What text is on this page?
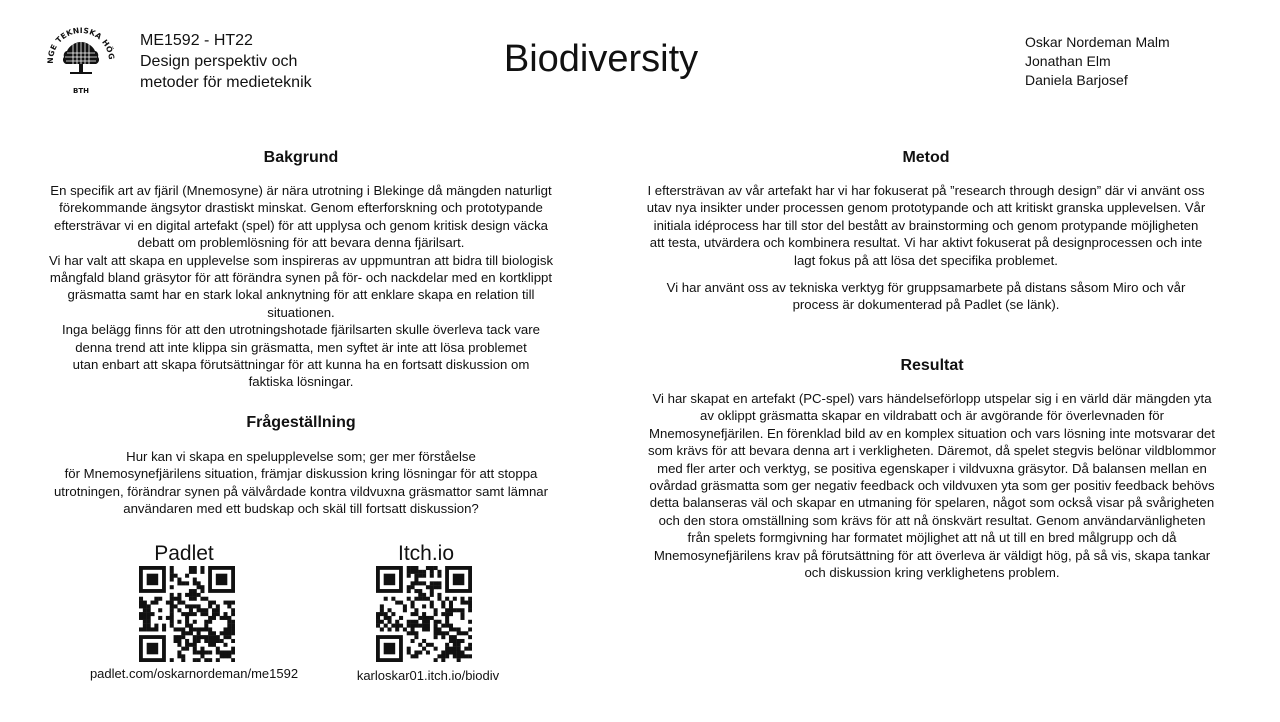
NGE TEKNISKA HÖG
BTH
ME1592 - HT22
Design perspektiv och
metoder för medieteknik
Biodiversity	Oskar Nordeman Malm
Jonathan Elm
Daniela Barjosef
Bakgrund

En specifik art av fjäril (Mnemosyne) är nära utrotning i Blekinge då mängden naturligt

förekommande ängsytor drastiskt minskat. Genom efterforskning och prototypande

eftersträvar vi en digital artefakt (spel) för att upplysa och genom kritisk design väcka

debatt om problemlösning för att bevara denna fjärilsart.

Vi har valt att skapa en upplevelse som inspireras av uppmuntran att bidra till biologisk

mångfald bland gräsytor för att förändra synen på för- och nackdelar med en kortklippt

gräsmatta samt har en stark lokal anknytning för att enklare skapa en relation till

situationen.

Inga belägg finns för att den utrotningshotade fjärilsarten skulle överleva tack vare

denna trend att inte klippa sin gräsmatta, men syftet är inte att lösa problemet

utan enbart att skapa förutsättningar för att kunna ha en fortsatt diskussion om

faktiska lösningar.

Frågeställning

Hur kan vi skapa en spelupplevelse som; ger mer förståelse

för Mnemosynefjärilens situation, främjar diskussion kring lösningar för att stoppa

utrotningen, förändrar synen på välvårdade kontra vildvuxna gräsmattor samt lämnar

användaren med ett budskap och skäl till fortsatt diskussion?

Padlet
padlet.com/oskarnordeman/me1592
Itch.io
karloskar01.itch.io/biodiv
Metod

I eftersträvan av vår artefakt har vi har fokuserat på ”research through design” där vi använt oss

utav nya insikter under processen genom prototypande och att kritiskt granska upplevelsen. Vår

initiala idéprocess har till stor del bestått av brainstorming och genom protypande möjligheten

att testa, utvärdera och kombinera resultat. Vi har aktivt fokuserat på designprocessen och inte

lagt fokus på att lösa det specifika problemet.

Vi har använt oss av tekniska verktyg för gruppsamarbete på distans såsom Miro och vår

process är dokumenterad på Padlet (se länk).

Resultat

Vi har skapat en artefakt (PC-spel) vars händelseförlopp utspelar sig i en värld där mängden yta

av oklippt gräsmatta skapar en vildrabatt och är avgörande för överlevnaden för

Mnemosynefjärilen. En förenklad bild av en komplex situation och vars lösning inte motsvarar det

som krävs för att bevara denna art i verkligheten. Däremot, då spelet stegvis belönar vildblommor

med fler arter och verktyg, se positiva egenskaper i vildvuxna gräsytor. Då balansen mellan en

ovårdad gräsmatta som ger negativ feedback och vildvuxen yta som ger positiv feedback behövs

detta balanseras väl och skapar en utmaning för spelaren, något som också visar på svårigheten

och den stora omställning som krävs för att nå önskvärt resultat. Genom användarvänligheten

från spelets formgivning har formatet möjlighet att nå ut till en bred målgrupp och då

Mnemosynefjärilens krav på förutsättning för att överleva är väldigt hög, på så vis, skapa tankar

och diskussion kring verklighetens problem.
